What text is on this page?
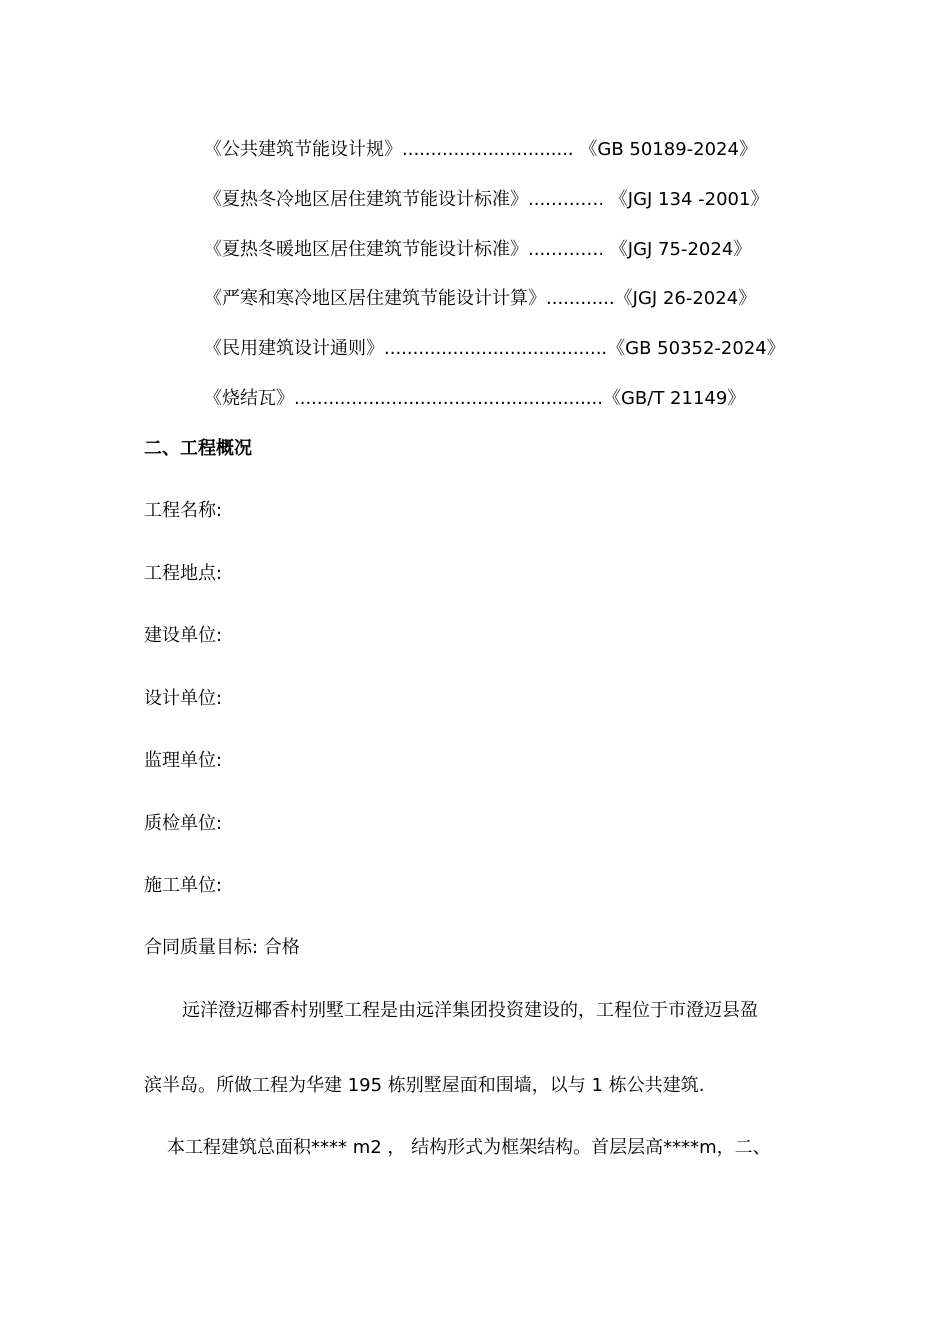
《公共建筑节能设计规》.............................. 《GB 50189-2024》
《夏热冬冷地区居住建筑节能设计标准》....…..…. 《JGJ 134 -2001》
《夏热冬暖地区居住建筑节能设计标准》....…..…. 《JGJ 75-2024》
《严寒和寒冷地区居住建筑节能设计计算》............《JGJ 26-2024》
《民用建筑设计通则》.......................................《GB 50352-2024》
《烧结瓦》......................................................《GB/T 21149》
二、工程概况
工程名称:
工程地点:
建设单位:
设计单位:
监理单位:
质检单位:
施工单位:
合同质量目标: 合格
远洋澄迈椰香村别墅工程是由远洋集团投资建设的，工程位于市澄迈县盈
滨半岛。所做工程为华建 195 栋别墅屋面和围墙，以与 1 栋公共建筑.
本工程建筑总面积**** m2 ， 结构形式为框架结构。首层层高****m，二、
